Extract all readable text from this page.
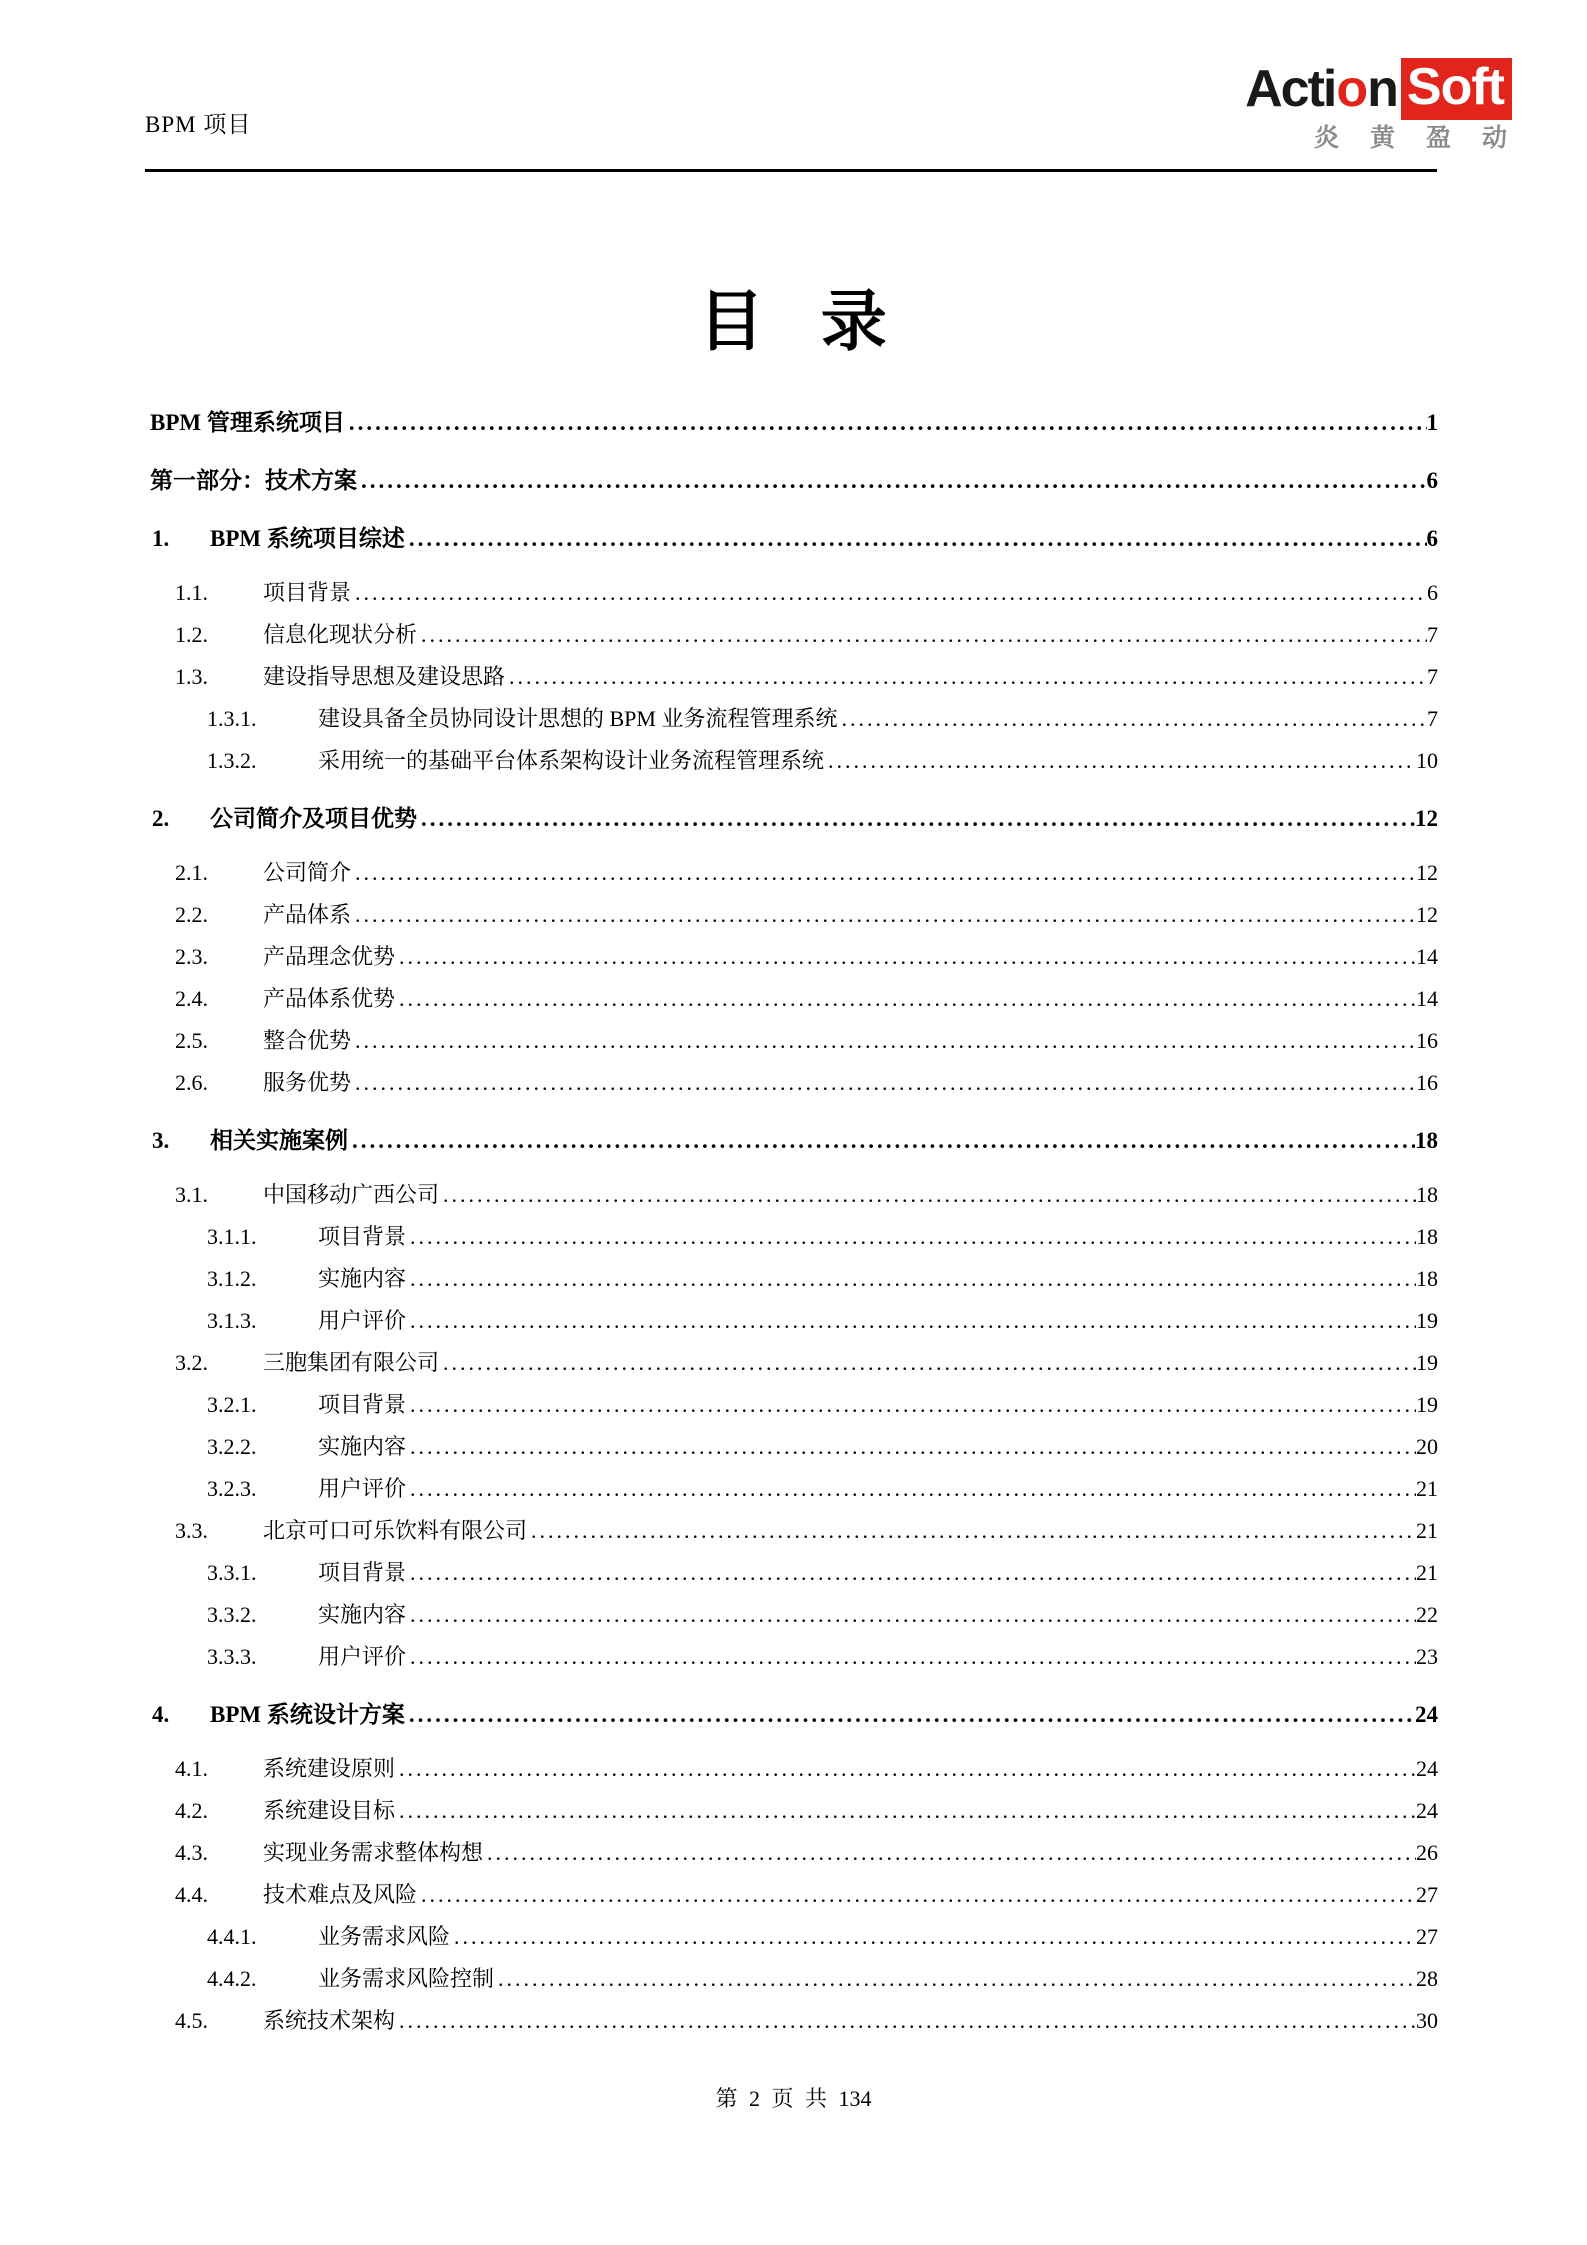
BPM 项目
Acti o n Soft
炎黄盈动
目 录
BPM 管理系统项目 .....	1
第一部分：技术方案 .....	6
1.	BPM 系统项目综述 .....	6
1.1.	项目背景 .....	6
1.2.	信息化现状分析 .....	7
1.3.	建设指导思想及建设思路 .....	7
1.3.1.	建设具备全员协同设计思想的 BPM 业务流程管理系统 .....	7
1.3.2.	采用统一的基础平台体系架构设计业务流程管理系统 .....	10
2.	公司简介及项目优势 .....	12
2.1.	公司简介 .....	12
2.2.	产品体系 .....	12
2.3.	产品理念优势 .....	14
2.4.	产品体系优势 .....	14
2.5.	整合优势 .....	16
2.6.	服务优势 .....	16
3.	相关实施案例 .....	18
3.1.	中国移动广西公司 .....	18
3.1.1.	项目背景 .....	18
3.1.2.	实施内容 .....	18
3.1.3.	用户评价 .....	19
3.2.	三胞集团有限公司 .....	19
3.2.1.	项目背景 .....	19
3.2.2.	实施内容 .....	20
3.2.3.	用户评价 .....	21
3.3.	北京可口可乐饮料有限公司 .....	21
3.3.1.	项目背景 .....	21
3.3.2.	实施内容 .....	22
3.3.3.	用户评价 .....	23
4.	BPM 系统设计方案 .....	24
4.1.	系统建设原则 .....	24
4.2.	系统建设目标 .....	24
4.3.	实现业务需求整体构想 .....	26
4.4.	技术难点及风险 .....	27
4.4.1.	业务需求风险 .....	27
4.4.2.	业务需求风险控制 .....	28
4.5.	系统技术架构 .....	30
第 2 页 共 134
